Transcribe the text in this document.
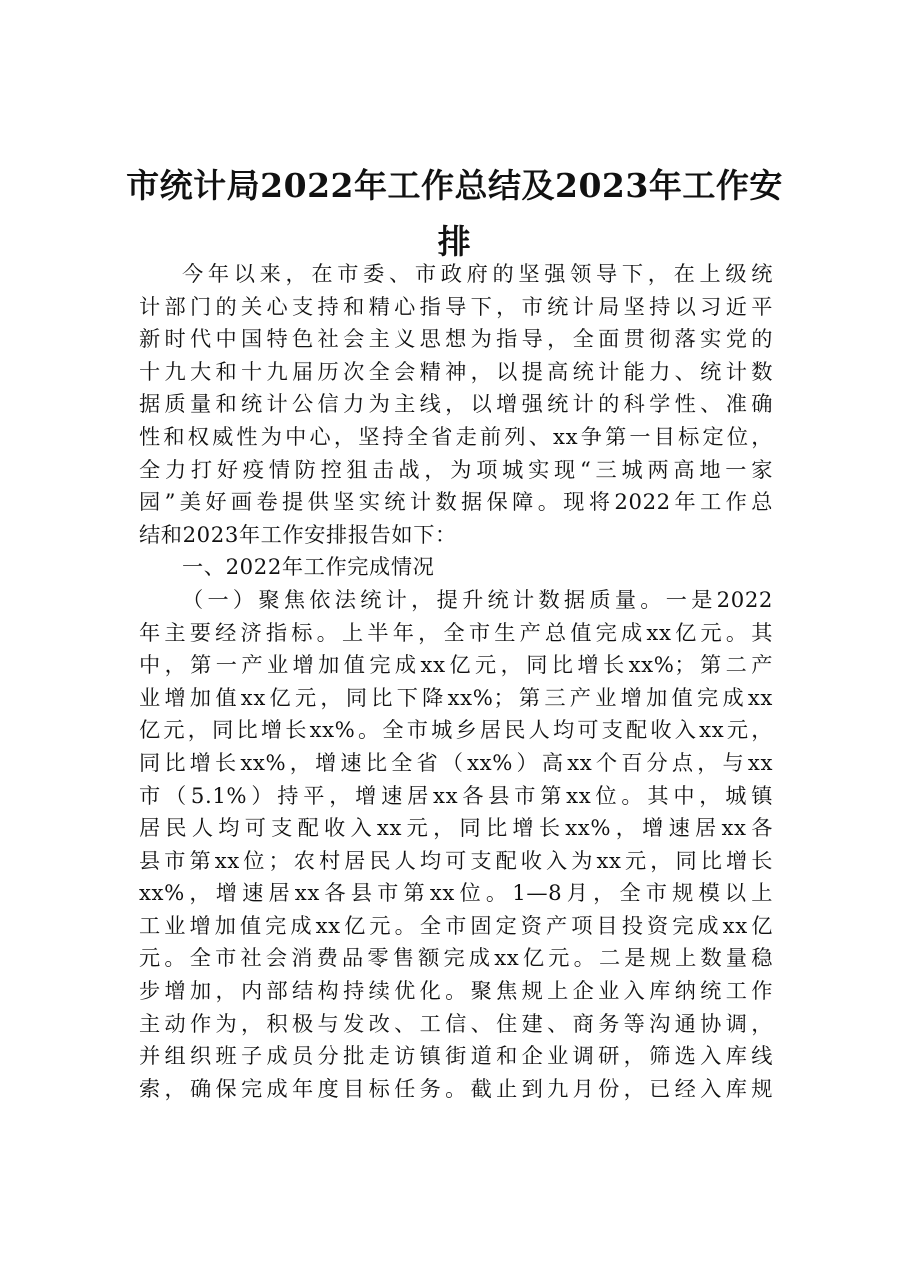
市统计局2022年工作总结及2023年工作安
排
今年以来，在市委、市政府的坚强领导下，在上级统
计部门的关心支持和精心指导下，市统计局坚持以习近平
新时代中国特色社会主义思想为指导，全面贯彻落实党的
十九大和十九届历次全会精神，以提高统计能力、统计数
据质量和统计公信力为主线，以增强统计的科学性、准确
性和权威性为中心，坚持全省走前列、xx争第一目标定位，
全力打好疫情防控狙击战，为项城实现“三城两高地一家
园”美好画卷提供坚实统计数据保障。现将2022年工作总
结和2023年工作安排报告如下：
一、2022年工作完成情况
（一）聚焦依法统计，提升统计数据质量。一是2022
年主要经济指标。上半年，全市生产总值完成xx亿元。其
中，第一产业增加值完成xx亿元，同比增长xx%；第二产
业增加值xx亿元，同比下降xx%；第三产业增加值完成xx
亿元，同比增长xx%。全市城乡居民人均可支配收入xx元，
同比增长xx%，增速比全省（xx%）高xx个百分点，与xx
市（5.1%）持平，增速居xx各县市第xx位。其中，城镇
居民人均可支配收入xx元，同比增长xx%，增速居xx各
县市第xx位；农村居民人均可支配收入为xx元，同比增长
xx%，增速居xx各县市第xx位。1—8月，全市规模以上
工业增加值完成xx亿元。全市固定资产项目投资完成xx亿
元。全市社会消费品零售额完成xx亿元。二是规上数量稳
步增加，内部结构持续优化。聚焦规上企业入库纳统工作
主动作为，积极与发改、工信、住建、商务等沟通协调，
并组织班子成员分批走访镇街道和企业调研，筛选入库线
索，确保完成年度目标任务。截止到九月份，已经入库规
